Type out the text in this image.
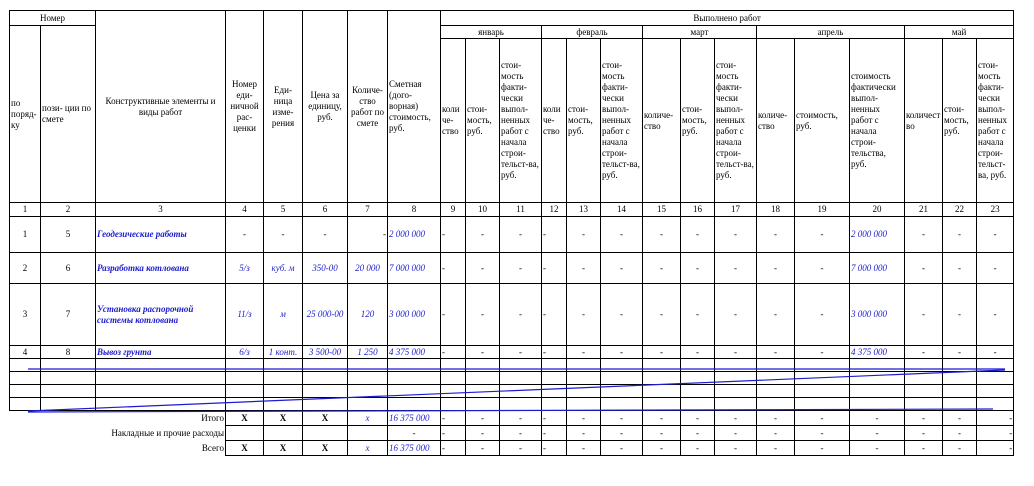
Номер		Конструктивные элементы и виды работ	Номер еди-ничной рас-ценки	Еди-ница изме-рения	Цена за единицу, руб.	Количе-ство работ по смете	Сметная (дого-ворная) стоимость, руб.	Выполнено работ														
по поряд-ку	пози- ции по смете							январь			февраль			март			апрель			май		
								коли че-ство	стои-мость, руб.	стои-мость факти-чески выпол-ненных работ с начала строи-тельст-ва, руб.	коли че-ство	стои-мость, руб.	стои-мость факти-чески выпол-ненных работ с начала строи-тельст-ва, руб.	количе-ство	стои-мость, руб.	стои-мость факти-чески выпол-ненных работ с начала строи-тельст-ва, руб.	количе-ство	стоимость, руб.	стоимость фактически выпол-ненных работ с начала строи-тельства, руб.	количество	стои-мость, руб.	стои-мость факти-чески выпол-ненных работ с начала строи-тельст-ва, руб.
1	2	3	4	5	6	7	8	9	10	11	12	13	14	15	16	17	18	19	20	21	22	23
1	5	Геодезические работы	-	-	-	-	2 000 000	-	-	-	-	-	-	-	-	-	-	-	2 000 000	-	-	-
2	6	Разработка котлована	5/з	куб. м	350-00	20 000	7 000 000	-	-	-	-	-	-	-	-	-	-	-	7 000 000	-	-	-
3	7	Установка распорочной системы котлована	11/з	м	25 000-00	120	3 000 000	-	-	-	-	-	-	-	-	-	-	-	3 000 000	-	-	-
4	8	Вывоз грунта	6/з	1 конт.	3 500-00	1 250	4 375 000	-	-	-	-	-	-	-	-	-	-	-	4 375 000	-	-	-

Итого			X	X	X	х	16 375 000	-	-	-	-	-	-	-	-	-	-	-	-	-	-	-
Накладные и прочие расходы							-	-	-	-	-	-	-	-	-	-	-	-	-	-	-	-
Всего			X	X	X	х	16 375 000	-	-	-	-	-	-	-	-	-	-	-	-	-	-	-
